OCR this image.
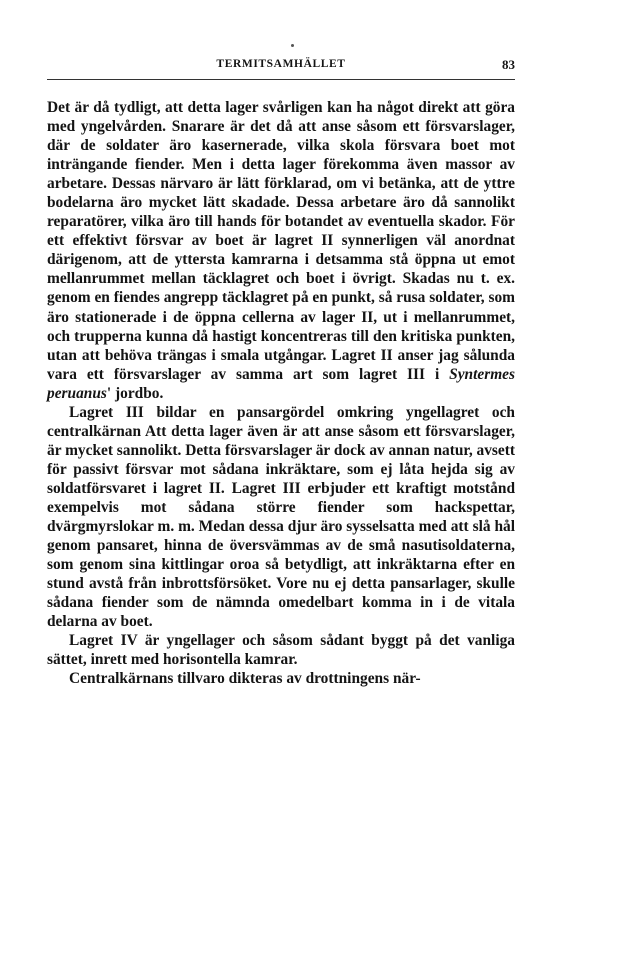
TERMITSAMHÄLLET	83

Det är då tydligt, att detta lager svårligen kan ha något direkt att göra med yngelvården. Snarare är det då att anse såsom ett försvarslager, där de soldater äro kasernerade, vilka skola försvara boet mot inträngande fiender. Men i detta lager förekomma även massor av arbetare. Dessas närvaro är lätt förklarad, om vi betänka, att de yttre bodelarna äro mycket lätt skadade. Dessa arbetare äro då sannolikt reparatörer, vilka äro till hands för botandet av eventuella skador. För ett effektivt försvar av boet är lagret II synnerligen väl anordnat därigenom, att de yttersta kamrarna i detsamma stå öppna ut emot mellanrummet mellan täcklagret och boet i övrigt. Skadas nu t. ex. genom en fiendes angrepp täcklagret på en punkt, så rusa soldater, som äro stationerade i de öppna cellerna av lager II, ut i mellanrummet, och trupperna kunna då hastigt koncentreras till den kritiska punkten, utan att behöva trängas i smala utgångar. Lagret II anser jag sålunda vara ett försvarslager av samma art som lagret III i Syntermes peruanus' jordbo.

Lagret III bildar en pansargördel omkring yngellagret och centralkärnan Att detta lager även är att anse såsom ett försvarslager, är mycket sannolikt. Detta försvarslager är dock av annan natur, avsett för passivt försvar mot sådana inkräktare, som ej låta hejda sig av soldatförsvaret i lagret II. Lagret III erbjuder ett kraftigt motstånd exempelvis mot sådana större fiender som hackspettar, dvärgmyrslokar m. m. Medan dessa djur äro sysselsatta med att slå hål genom pansaret, hinna de översvämmas av de små nasutisoldaterna, som genom sina kittlingar oroa så betydligt, att inkräktarna efter en stund avstå från inbrottsförsöket. Vore nu ej detta pansarlager, skulle sådana fiender som de nämnda omedelbart komma in i de vitala delarna av boet.

Lagret IV är yngellager och såsom sådant byggt på det vanliga sättet, inrett med horisontella kamrar.

Centralkärnans tillvaro dikteras av drottningens när-
